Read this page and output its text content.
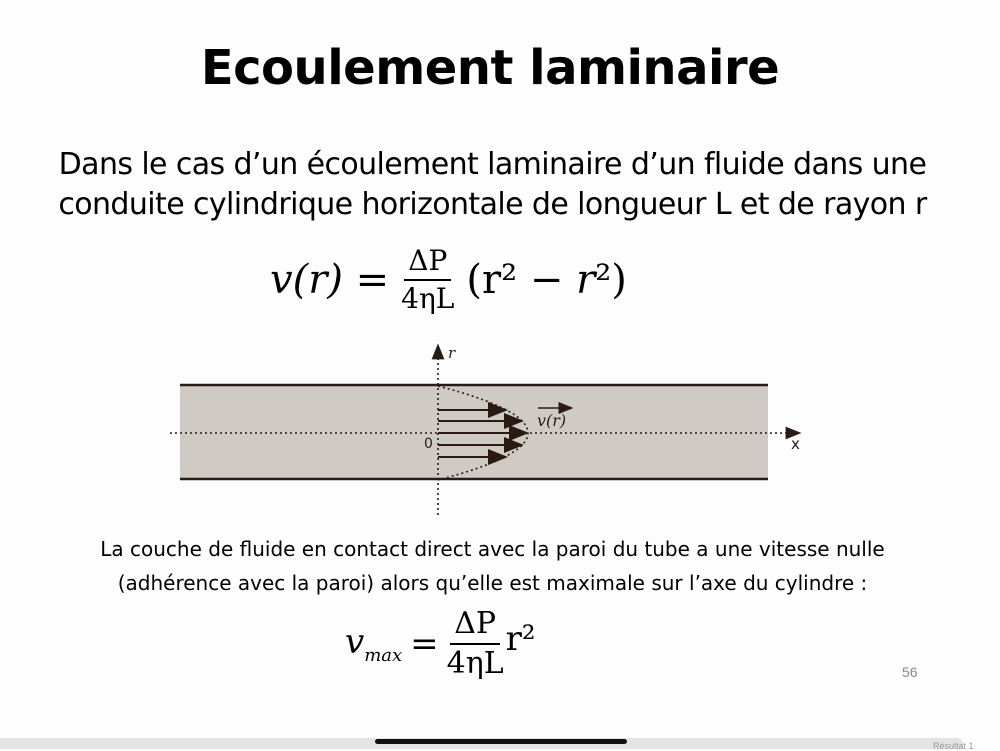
Ecoulement laminaire
Dans le cas d’un écoulement laminaire d’un fluide dans une
conduite cylindrique horizontale de longueur L et de rayon r
𝑣(𝑟) = $\frac{\Delta P}{4\eta L} (r^2$ − 𝑟²)
r
x
0
v(r)
La couche de fluide en contact direct avec la paroi du tube a une vitesse nulle
(adhérence avec la paroi) alors qu’elle est maximale sur l’axe du cylindre :
𝑣$_{max}$ = $\frac{\Delta P}{4\eta L} r^2$
56
Résultat 1
